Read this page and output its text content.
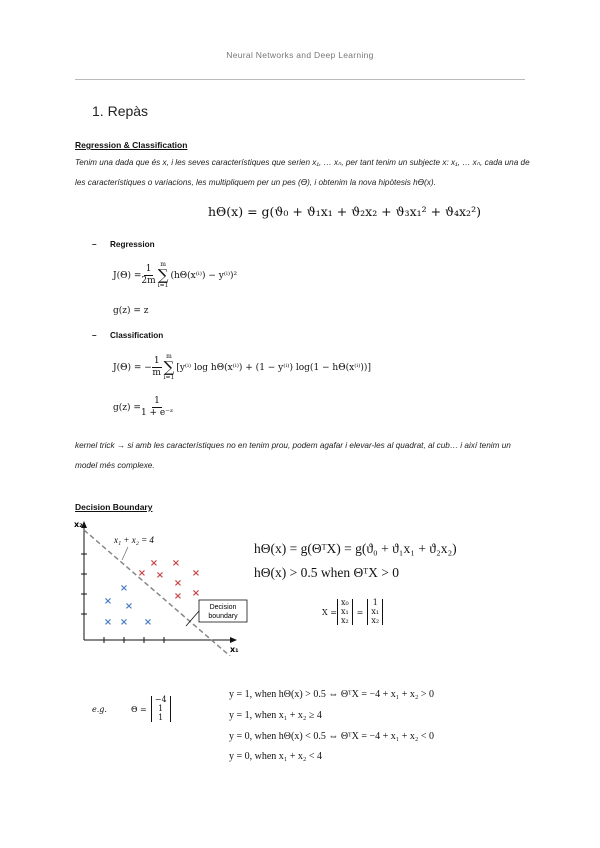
Neural Networks and Deep Learning
1. Repàs
Regression & Classification
Tenim una dada que és x, i les seves característiques que serien x₁, … xₙ, per tant tenim un subjecte x: x₁, … xₙ, cada una de les característiques o variacions, les multipliquem per un pes (Ө), i obtenim la nova hipòtesis hӨ(x).
hΘ(x) = g(ϑ₀ + ϑ₁x₁ + ϑ₂x₂ + ϑ₃x₁² + ϑ₄x₂²)
– Regression
$J(\Theta) = \frac{1}{2m}$
m
∑
i=1
(hΘ(x⁽ⁱ⁾) − y⁽ⁱ⁾)²
g(z) = z
– Classification
J(Θ) = − $\frac{1}{m}$
m
∑
i=1
[y⁽ⁱ⁾ log hΘ(x⁽ⁱ⁾) + (1 − y⁽ⁱ⁾) log(1 − hΘ(x⁽ⁱ⁾))]
$g(z) = \frac{1}{\text{1 + e⁻ᶻ}}$
kernel trick → si amb les característiques no en tenim prou, podem agafar i elevar-les al quadrat, al cub… i així tenim un model més complexe.
Decision Boundary
x₂
x₁
x₁ + x₂ = 4
×
× ×
× × ×
× ×
× ×
×
×
×
×
Decision
boundary
hΘ(x) = g(ΘᵀX) = g(ϑ₀ + ϑ₁x₁ + ϑ₂x₂)
hΘ(x) > 0.5 when ΘᵀX > 0
X =
x₀
x₁
x₂
=
1
x₁
x₂
e.g.	Θ =
−4
1
1
y = 1, when hΘ(x) > 0.5 ⇔ ΘᵀX = −4 + x₁ + x₂ > 0
y = 1, when x₁ + x₂ ≥ 4
y = 0, when hΘ(x) < 0.5 ⇔ ΘᵀX = −4 + x₁ + x₂ < 0
y = 0, when x₁ + x₂ < 4
